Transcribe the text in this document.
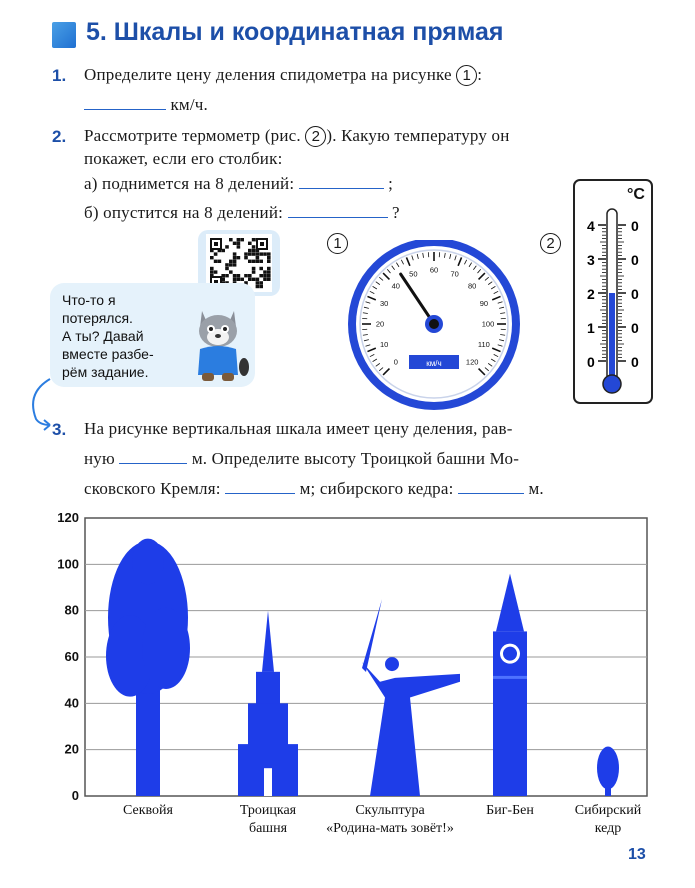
5. Шкалы и координатная прямая
1. Определите цену деления спидометра на рисунке 1 :
км/ч.
2. Рассмотрите термометр (рис. 2 ). Какую температуру он
покажет, если его столбик:
а) поднимется на 8 делений:	;
б) опустится на 8 делений:	?
Что-то я
потерялся.
А ты? Давай
вместе разбе-
рём задание.
1
0
10
20
30
40
50 60 70
80
90
100
110
120
км/ч
2
°C
4
3
2
1
0
0
0
0
0
0
3. На рисунке вертикальная шкала имеет цену деления, рав-
ную	м. Определите высоту Троицкой башни Мо-
сковского Кремля:	м; сибирского кедра:	м.
0
20
40
60
80
100
120
Секвойя	Троицкая
башня
Скульптура
«Родина-мать зовёт!»
Биг-Бен	Сибирский
кедр
13
